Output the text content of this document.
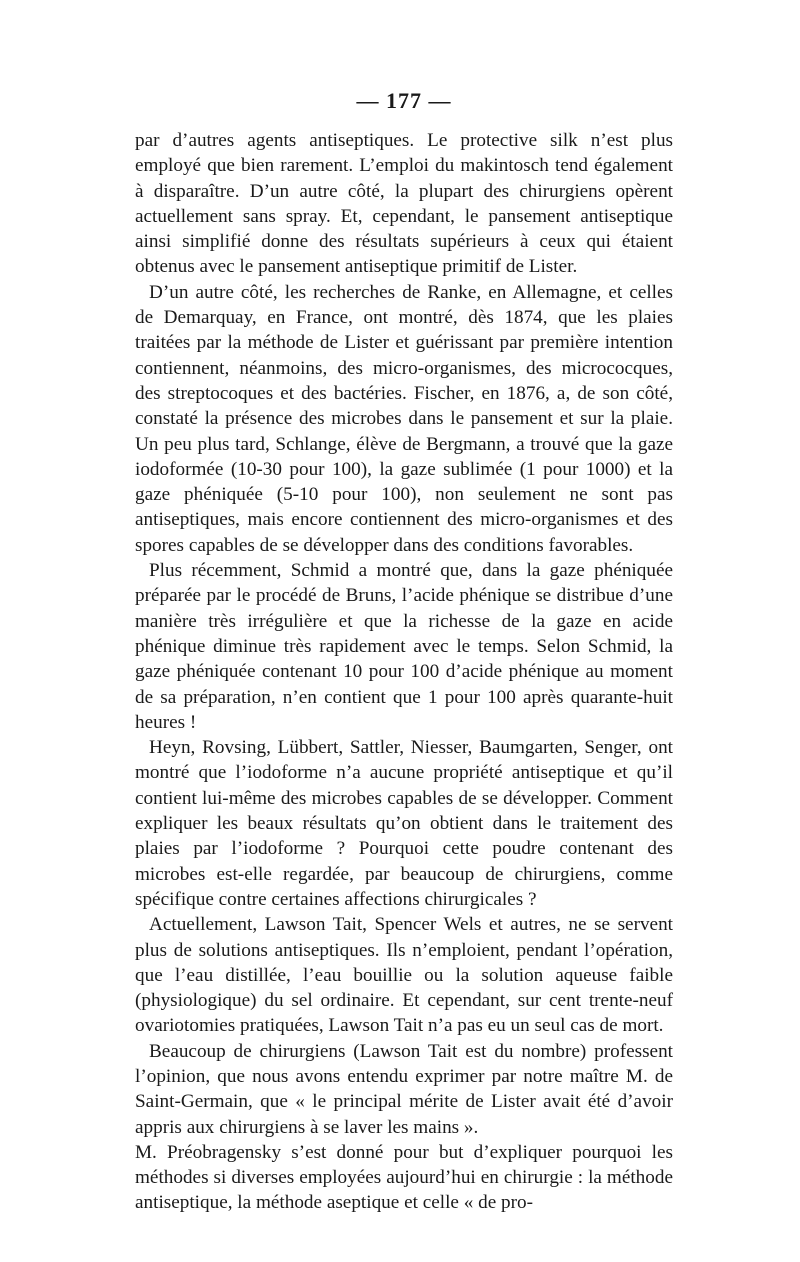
— 177 —

par d’autres agents antiseptiques. Le protective silk n’est plus employé que bien rarement. L’emploi du makintosch tend également à disparaître. D’un autre côté, la plupart des chirurgiens opèrent actuellement sans spray. Et, cependant, le pansement antiseptique ainsi simplifié donne des résultats supérieurs à ceux qui étaient obtenus avec le pansement antiseptique primitif de Lister.

D’un autre côté, les recherches de Ranke, en Allemagne, et celles de Demarquay, en France, ont montré, dès 1874, que les plaies traitées par la méthode de Lister et guérissant par première intention contiennent, néanmoins, des micro-organismes, des micrococques, des streptocoques et des bactéries. Fischer, en 1876, a, de son côté, constaté la présence des microbes dans le pansement et sur la plaie. Un peu plus tard, Schlange, élève de Bergmann, a trouvé que la gaze iodoformée (10-30 pour 100), la gaze sublimée (1 pour 1000) et la gaze phéniquée (5-10 pour 100), non seulement ne sont pas antiseptiques, mais encore contiennent des micro-organismes et des spores capables de se développer dans des conditions favorables.

Plus récemment, Schmid a montré que, dans la gaze phéniquée préparée par le procédé de Bruns, l’acide phénique se distribue d’une manière très irrégulière et que la richesse de la gaze en acide phénique diminue très rapidement avec le temps. Selon Schmid, la gaze phéniquée contenant 10 pour 100 d’acide phénique au moment de sa préparation, n’en contient que 1 pour 100 après quarante-huit heures !

Heyn, Rovsing, Lübbert, Sattler, Niesser, Baumgarten, Senger, ont montré que l’iodoforme n’a aucune propriété antiseptique et qu’il contient lui-même des microbes capables de se développer. Comment expliquer les beaux résultats qu’on obtient dans le traitement des plaies par l’iodoforme ? Pourquoi cette poudre contenant des microbes est-elle regardée, par beaucoup de chirurgiens, comme spécifique contre certaines affections chirurgicales ?

Actuellement, Lawson Tait, Spencer Wels et autres, ne se servent plus de solutions antiseptiques. Ils n’emploient, pendant l’opération, que l’eau distillée, l’eau bouillie ou la solution aqueuse faible (physiologique) du sel ordinaire. Et cependant, sur cent trente-neuf ovariotomies pratiquées, Lawson Tait n’a pas eu un seul cas de mort.

Beaucoup de chirurgiens (Lawson Tait est du nombre) professent l’opinion, que nous avons entendu exprimer par notre maître M. de Saint-Germain, que « le principal mérite de Lister avait été d’avoir appris aux chirurgiens à se laver les mains ».

M. Préobragensky s’est donné pour but d’expliquer pourquoi les méthodes si diverses employées aujourd’hui en chirurgie : la méthode antiseptique, la méthode aseptique et celle « de pro-
